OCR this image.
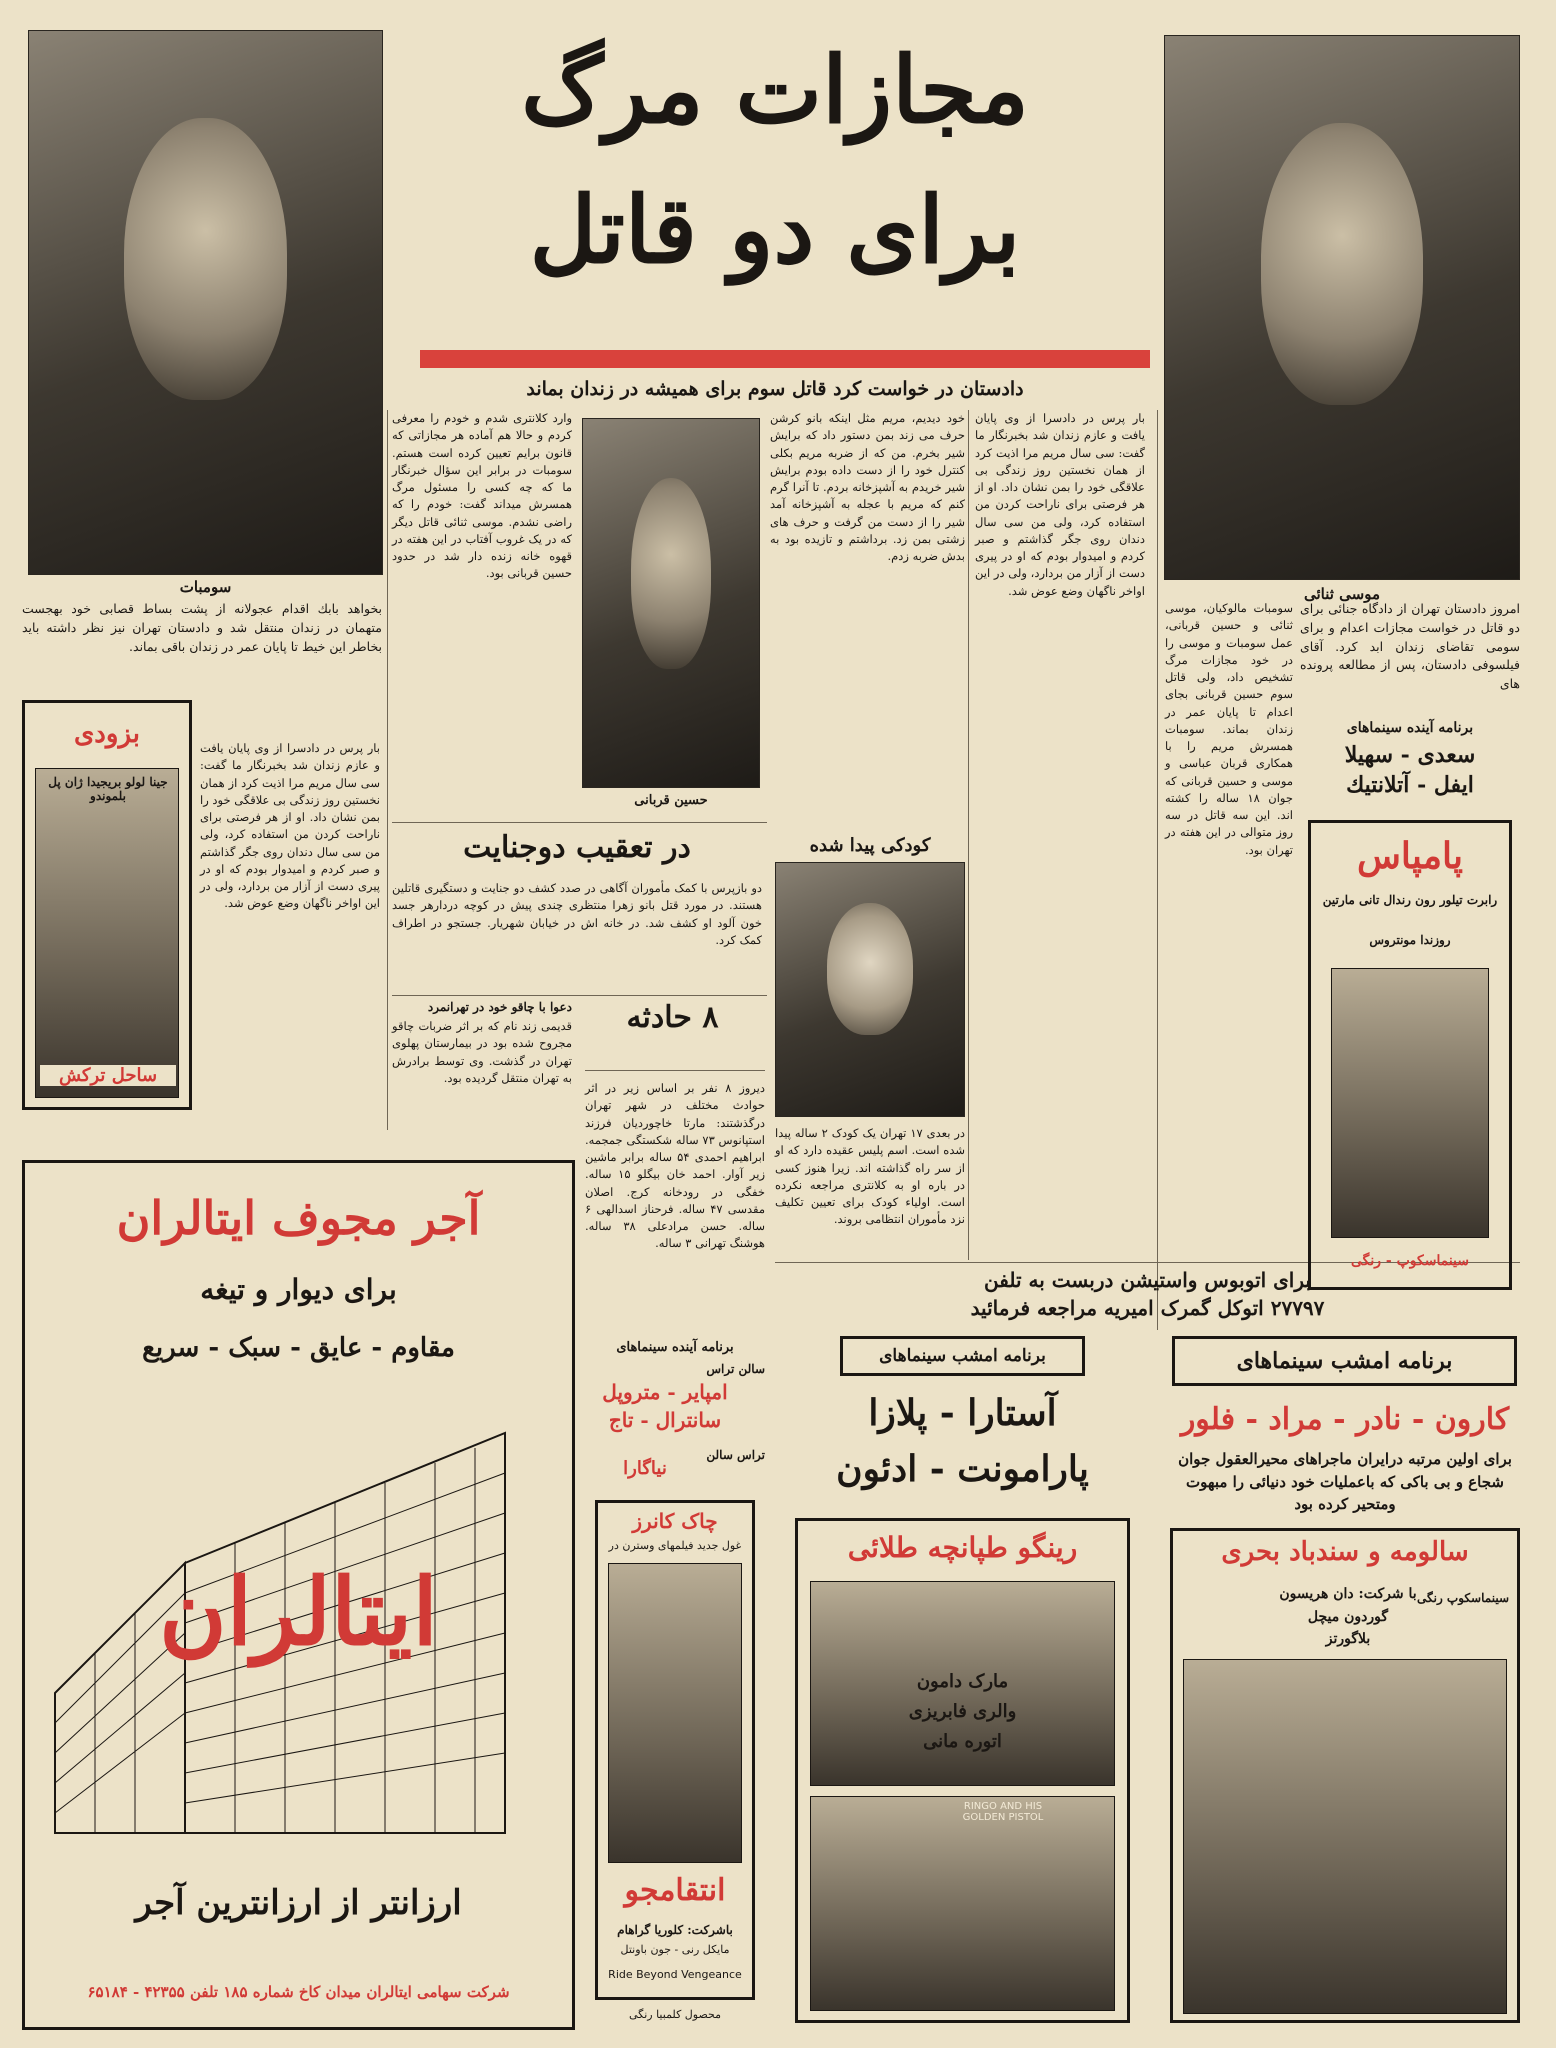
سومبات	موسی ثنائی
مجازات مرگ
برای دو قاتل
دادستان در خواست کرد قاتل سوم برای همیشه در زندان بماند
امروز دادستان تهران از دادگاه جنائی برای دو قاتل در خواست مجازات اعدام و برای سومی تقاضای زندان ابد کرد. آقای فیلسوفی دادستان، پس از مطالعه پرونده های
بخواهد بابك اقدام عجولانه از پشت بساط قصابی خود بهجست متهمان در زندان منتقل شد و دادستان تهران نیز نظر داشته باید بخاطر این خیط تا پایان عمر در زندان باقی بماند.
بار پرس در دادسرا از وی پایان یافت و عازم زندان شد بخبرنگار ما گفت: سی سال مریم مرا اذیت کرد از همان نخستین روز زندگی بی علاقگی خود را بمن نشان داد. او از هر فرصتی برای ناراحت کردن من استفاده کرد، ولی من سی سال دندان روی جگر گذاشتم و صبر کردم و امیدوار بودم که او در پیری دست از آزار من بردارد، ولی در این اواخر ناگهان وضع عوض شد.
سومبات مالوکیان، موسی ثنائی و حسین قربانی، عمل سومبات و موسی را در خود مجازات مرگ تشخیص داد، ولی قاتل سوم حسین قربانی بجای اعدام تا پایان عمر در زندان بماند. سومبات همسرش مریم را با همکاری قربان عباسی و موسی و حسین قربانی که جوان ۱۸ ساله را کشته اند. این سه قاتل در سه روز متوالی در این هفته در تهران بود.
خود دیدیم، مریم مثل اینکه بانو کرشن حرف می زند بمن دستور داد که برایش شیر بخرم. من که از ضربه مریم بکلی کنترل خود را از دست داده بودم برایش شیر خریدم به آشپزخانه بردم. تا آنرا گرم کنم که مریم با عجله به آشپزخانه آمد شیر را از دست من گرفت و حرف های زشتی بمن زد. برداشتم و تازیده بود به بدش ضربه زدم.
وارد کلانتری شدم و خودم را معرفی کردم و حالا هم آماده هر مجازاتی که قانون برایم تعیین کرده است هستم. سومبات در برابر این سؤال خبرنگار ما که چه کسی را مسئول مرگ همسرش میداند گفت: خودم را که راضی نشدم. موسی ثنائی قاتل دیگر که در یک غروب آفتاب در این هفته در قهوه خانه زنده دار شد در حدود حسین قربانی بود.
حسین قربانی
در تعقیب دوجنایت
دو بازپرس با کمک مأموران آگاهی در صدد کشف دو جنایت و دستگیری قاتلین هستند. در مورد قتل بانو زهرا منتظری چندی پیش در کوچه دردارهر جسد خون آلود او کشف شد. در خانه اش در خیابان شهریار. جستجو در اطراف کمک کرد.
دعوا با چاقو خود در تهرانمرد
قدیمی زند نام که بر اثر ضربات چاقو مجروح شده بود در بیمارستان پهلوی تهران در گذشت. وی توسط برادرش به تهران منتقل گردیده بود.
۸ حادثه
دیروز ۸ نفر بر اساس زیر در اثر حوادث مختلف در شهر تهران درگذشتند: مارتا خاچوردیان فرزند استپانوس ۷۳ ساله شکستگی جمجمه. ابراهیم احمدی ۵۴ ساله برابر ماشین زیر آوار. احمد خان بیگلو ۱۵ ساله. خفگی در رودخانه کرج. اصلان مقدسی ۴۷ ساله. فرحناز اسدالهی ۶ ساله. حسن مرادعلی ۳۸ ساله. هوشنگ تهرانی ۳ ساله.
کودکی پیدا شده
در بعدی ۱۷ تهران یک کودک ۲ ساله پیدا شده است. اسم پلیس عقیده دارد که او از سر راه گذاشته اند. زیرا هنوز کسی در باره او به کلانتری مراجعه نکرده است. اولیاء کودک برای تعیین تکلیف نزد مأموران انتظامی بروند.
برای اتوبوس واستیشن دربست به تلفن
۲۷۷۹۷ اتوکل گمرک امیریه مراجعه فرمائید
بزودی
جینا لولو بریجیدا ژان پل بلموندو
ساحل ترکش
بار پرس در دادسرا از وی پایان یافت و عازم زندان شد بخبرنگار ما گفت: سی سال مریم مرا اذیت کرد از همان نخستین روز زندگی بی علاقگی خود را بمن نشان داد. او از هر فرصتی برای ناراحت کردن من استفاده کرد، ولی من سی سال دندان روی جگر گذاشتم و صبر کردم و امیدوار بودم که او در پیری دست از آزار من بردارد، ولی در این اواخر ناگهان وضع عوض شد.
برنامه آینده سینماهای
سعدی - سهیلا
ایفل - آتلانتیك
پامپاس
رابرت تیلور رون رندال تانی مارتین
روزندا مونتروس
سینماسکوپ - رنگی
آجر مجوف ایتالران
برای دیوار و تیغه
مقاوم - عایق - سبک - سریع
ایتالران
ارزانتر از ارزانترین آجر
شرکت سهامی ایتالران میدان کاخ شماره ۱۸۵ تلفن ۴۲۳۵۵ - ۶۵۱۸۴
برنامه آینده سینماهای
سالن تراس
امپایر - متروپل
سانترال - تاج
تراس سالن
نیاگارا
چاک کانرز
غول جدید فیلمهای وسترن در
انتقامجو
باشرکت: کلوریا گراهام
مایکل رنی - جون باونتل
Ride Beyond Vengeance
محصول کلمبیا رنگی
برنامه امشب سینماهای
آستارا - پلازا
پارامونت - ادئون
رینگو طپانچه طلائی
مارک دامون
والری فابریزی
اتوره مانی
RINGO AND HIS GOLDEN PISTOL
برنامه امشب سینماهای
کارون - نادر - مراد - فلور
برای اولین مرتبه درایران ماجراهای محیرالعقول جوان شجاع و بی باکی که باعملیات خود دنیائی را مبهوت ومتحیر کرده بود
سالومه و سندباد بحری
سینماسکوپ رنگی
با شرکت: دان هریسون
گوردون میچل
بلاگورتز
